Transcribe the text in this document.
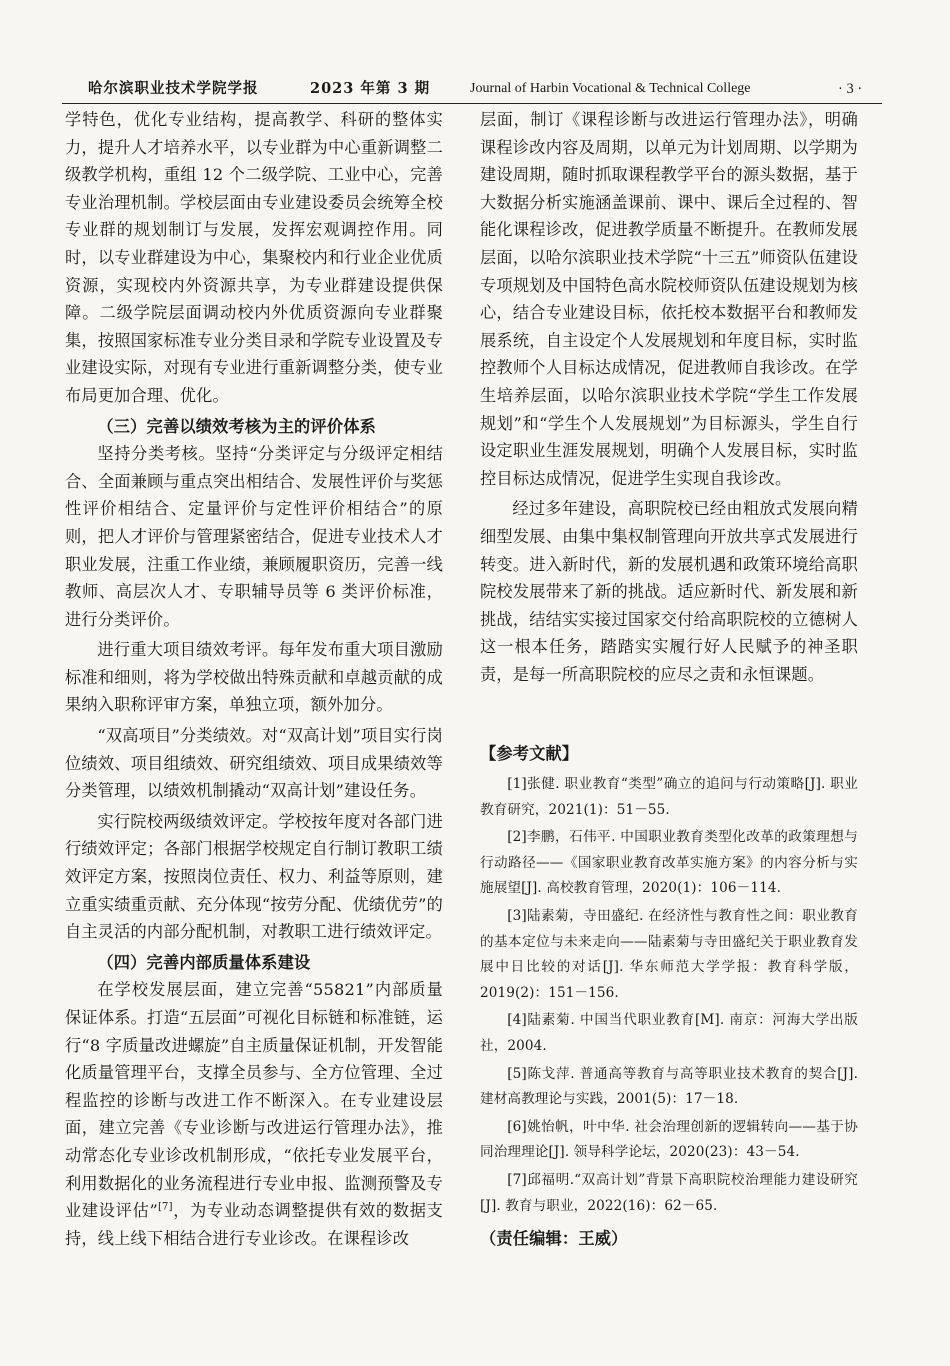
哈尔滨职业技术学院学报	2023 年第 3 期	Journal of Harbin Vocational & Technical College	· 3 ·

学特色，优化专业结构，提高教学、科研的整体实力，提升人才培养水平，以专业群为中心重新调整二级教学机构，重组 12 个二级学院、工业中心，完善专业治理机制。学校层面由专业建设委员会统筹全校专业群的规划制订与发展，发挥宏观调控作用。同时，以专业群建设为中心，集聚校内和行业企业优质资源，实现校内外资源共享，为专业群建设提供保障。二级学院层面调动校内外优质资源向专业群聚集，按照国家标准专业分类目录和学院专业设置及专业建设实际，对现有专业进行重新调整分类，使专业布局更加合理、优化。

（三）完善以绩效考核为主的评价体系

坚持分类考核。坚持“分类评定与分级评定相结合、全面兼顾与重点突出相结合、发展性评价与奖惩性评价相结合、定量评价与定性评价相结合”的原则，把人才评价与管理紧密结合，促进专业技术人才职业发展，注重工作业绩，兼顾履职资历，完善一线教师、高层次人才、专职辅导员等 6 类评价标准，进行分类评价。

进行重大项目绩效考评。每年发布重大项目激励标准和细则，将为学校做出特殊贡献和卓越贡献的成果纳入职称评审方案，单独立项，额外加分。

“双高项目”分类绩效。对“双高计划”项目实行岗位绩效、项目组绩效、研究组绩效、项目成果绩效等分类管理，以绩效机制撬动“双高计划”建设任务。

实行院校两级绩效评定。学校按年度对各部门进行绩效评定；各部门根据学校规定自行制订教职工绩效评定方案，按照岗位责任、权力、利益等原则，建立重实绩重贡献、充分体现“按劳分配、优绩优劳”的自主灵活的内部分配机制，对教职工进行绩效评定。

（四）完善内部质量体系建设

在学校发展层面，建立完善“55821”内部质量保证体系。打造“五层面”可视化目标链和标准链，运行“8 字质量改进螺旋”自主质量保证机制，开发智能化质量管理平台，支撑全员参与、全方位管理、全过程监控的诊断与改进工作不断深入。在专业建设层面，建立完善《专业诊断与改进运行管理办法》，推动常态化专业诊改机制形成，“依托专业发展平台，利用数据化的业务流程进行专业申报、监测预警及专业建设评估”[7]，为专业动态调整提供有效的数据支持，线上线下相结合进行专业诊改。在课程诊改

层面，制订《课程诊断与改进运行管理办法》，明确课程诊改内容及周期，以单元为计划周期、以学期为建设周期，随时抓取课程教学平台的源头数据，基于大数据分析实施涵盖课前、课中、课后全过程的、智能化课程诊改，促进教学质量不断提升。在教师发展层面，以哈尔滨职业技术学院“十三五”师资队伍建设专项规划及中国特色高水院校师资队伍建设规划为核心，结合专业建设目标，依托校本数据平台和教师发展系统，自主设定个人发展规划和年度目标，实时监控教师个人目标达成情况，促进教师自我诊改。在学生培养层面，以哈尔滨职业技术学院“学生工作发展规划”和“学生个人发展规划”为目标源头，学生自行设定职业生涯发展规划，明确个人发展目标，实时监控目标达成情况，促进学生实现自我诊改。

经过多年建设，高职院校已经由粗放式发展向精细型发展、由集中集权制管理向开放共享式发展进行转变。进入新时代，新的发展机遇和政策环境给高职院校发展带来了新的挑战。适应新时代、新发展和新挑战，结结实实接过国家交付给高职院校的立德树人这一根本任务，踏踏实实履行好人民赋予的神圣职责，是每一所高职院校的应尽之责和永恒课题。

【参考文献】

[1]张健. 职业教育“类型”确立的追问与行动策略[J]. 职业教育研究，2021(1)：51－55.

[2]李鹏，石伟平. 中国职业教育类型化改革的政策理想与行动路径——《国家职业教育改革实施方案》的内容分析与实施展望[J]. 高校教育管理，2020(1)：106－114.

[3]陆素菊，寺田盛纪. 在经济性与教育性之间：职业教育的基本定位与未来走向——陆素菊与寺田盛纪关于职业教育发展中日比较的对话[J]. 华东师范大学学报：教育科学版，2019(2)：151－156.

[4]陆素菊. 中国当代职业教育[M]. 南京：河海大学出版社，2004.

[5]陈戈萍. 普通高等教育与高等职业技术教育的契合[J]. 建材高教理论与实践，2001(5)：17－18.

[6]姚怡帆，叶中华. 社会治理创新的逻辑转向——基于协同治理理论[J]. 领导科学论坛，2020(23)：43－54.

[7]邱福明.“双高计划”背景下高职院校治理能力建设研究[J]. 教育与职业，2022(16)：62－65.

（责任编辑：王威）
